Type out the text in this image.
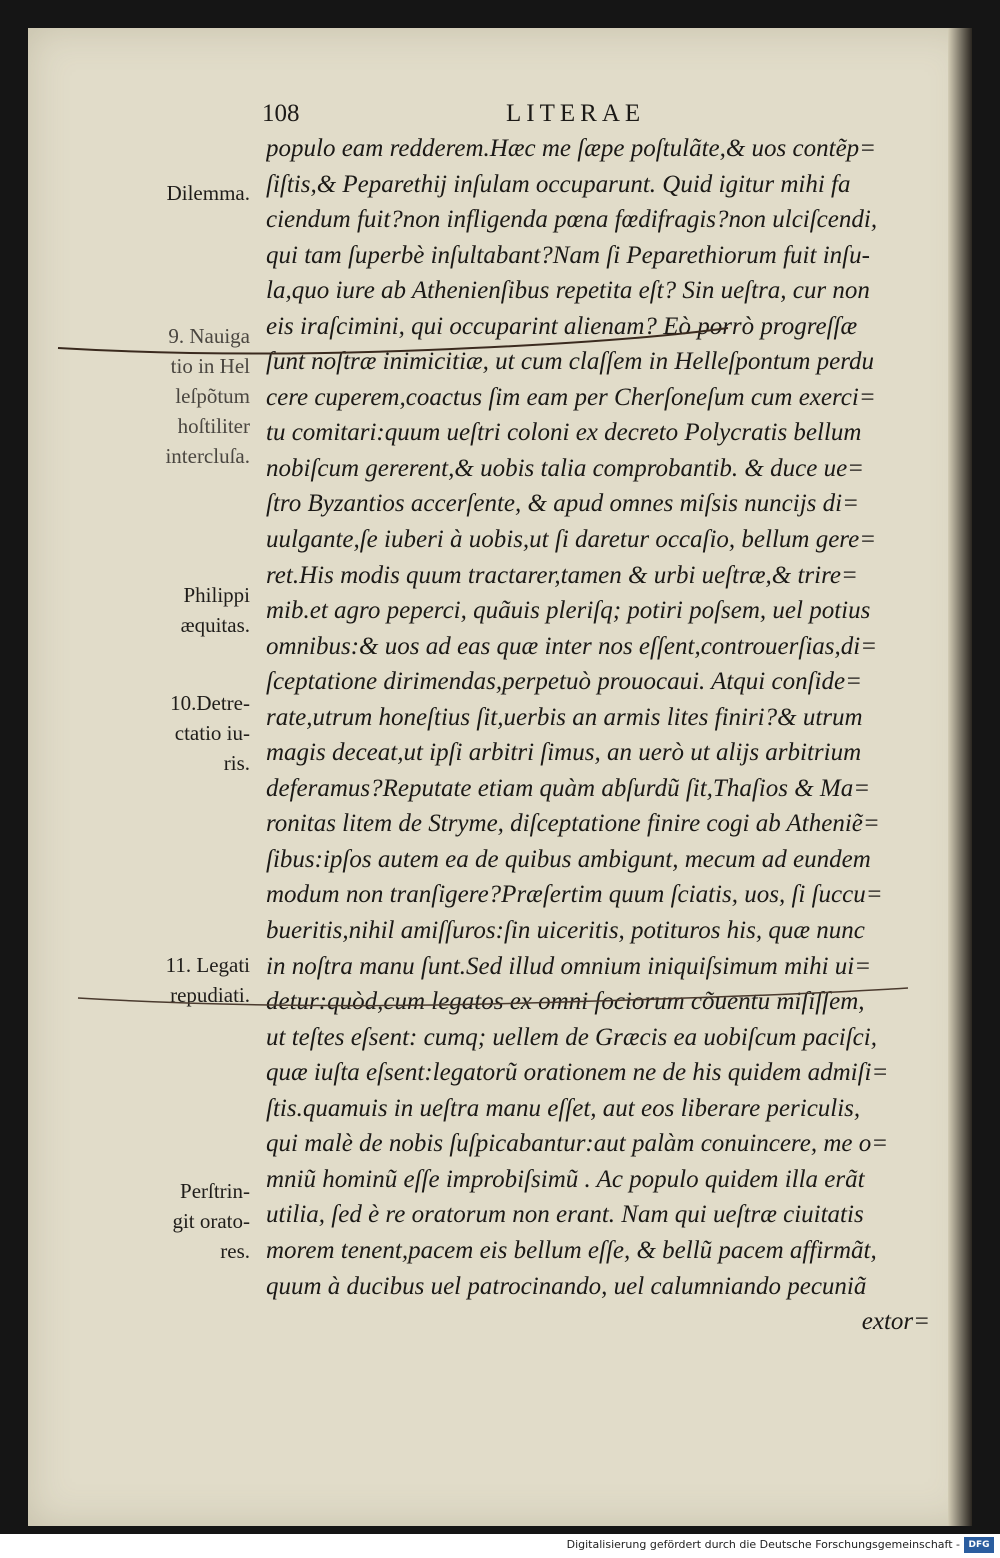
108	LITERAE
populo eam redderem.Hæc me ſæpe poſtulãte,& uos contẽp=
ſiſtis,& Peparethij inſulam occuparunt. Quid igitur mihi fa
ciendum fuit?non infligenda pœna fœdifragis?non ulciſcendi,
qui tam ſuperbè inſultabant?Nam ſi Peparethiorum fuit inſu-
la,quo iure ab Athenienſibus repetita eſt? Sin ueſtra, cur non
eis iraſcimini, qui occuparint alienam? Eò porrò progreſſæ
ſunt noſtræ inimicitiæ, ut cum claſſem in Helleſpontum perdu
cere cuperem,coactus ſim eam per Cherſoneſum cum exerci=
tu comitari:quum ueſtri coloni ex decreto Polycratis bellum
nobiſcum gererent,& uobis talia comprobantib. & duce ue=
ſtro Byzantios accerſente, & apud omnes miſsis nuncijs di=
uulgante,ſe iuberi à uobis,ut ſi daretur occaſio, bellum gere=
ret.His modis quum tractarer,tamen & urbi ueſtræ,& trire=
mib.et agro peperci, quãuis pleriſq; potiri poſsem, uel potius
omnibus:& uos ad eas quæ inter nos eſſent,controuerſias,di=
ſceptatione dirimendas,perpetuò prouocaui. Atqui conſide=
rate,utrum honeſtius ſit,uerbis an armis lites finiri?& utrum
magis deceat,ut ipſi arbitri ſimus, an uerò ut alijs arbitrium
deferamus?Reputate etiam quàm abſurdũ ſit,Thaſios & Ma=
ronitas litem de Stryme, diſceptatione finire cogi ab Atheniẽ=
ſibus:ipſos autem ea de quibus ambigunt, mecum ad eundem
modum non tranſigere?Præſertim quum ſciatis, uos, ſi ſuccu=
bueritis,nihil amiſſuros:ſin uiceritis, potituros his, quæ nunc
in noſtra manu ſunt.Sed illud omnium iniquiſsimum mihi ui=
detur:quòd,cum legatos ex omni ſociorum cõuentu miſiſſem,
ut teſtes eſsent: cumq; uellem de Græcis ea uobiſcum paciſci,
quæ iuſta eſsent:legatorũ orationem ne de his quidem admiſi=
ſtis.quamuis in ueſtra manu eſſet, aut eos liberare periculis,
qui malè de nobis ſuſpicabantur:aut palàm conuincere, me o=
mniũ hominũ eſſe improbiſsimũ . Ac populo quidem illa erãt
utilia, ſed è re oratorum non erant. Nam qui ueſtræ ciuitatis
morem tenent,pacem eis bellum eſſe, & bellũ pacem affirmãt,
quum à ducibus uel patrocinando, uel calumniando pecuniã
extor=
Dilemma.
9. Nauiga
tio in Hel
leſpõtum
hoſtiliter
intercluſa.
Philippi
æquitas.
10.Detre-
ctatio iu-
ris.
11. Legati
repudiati.
Perſtrin-
git orato-
res.
Digitalisierung gefördert durch die Deutsche Forschungsgemeinschaft - DFG
